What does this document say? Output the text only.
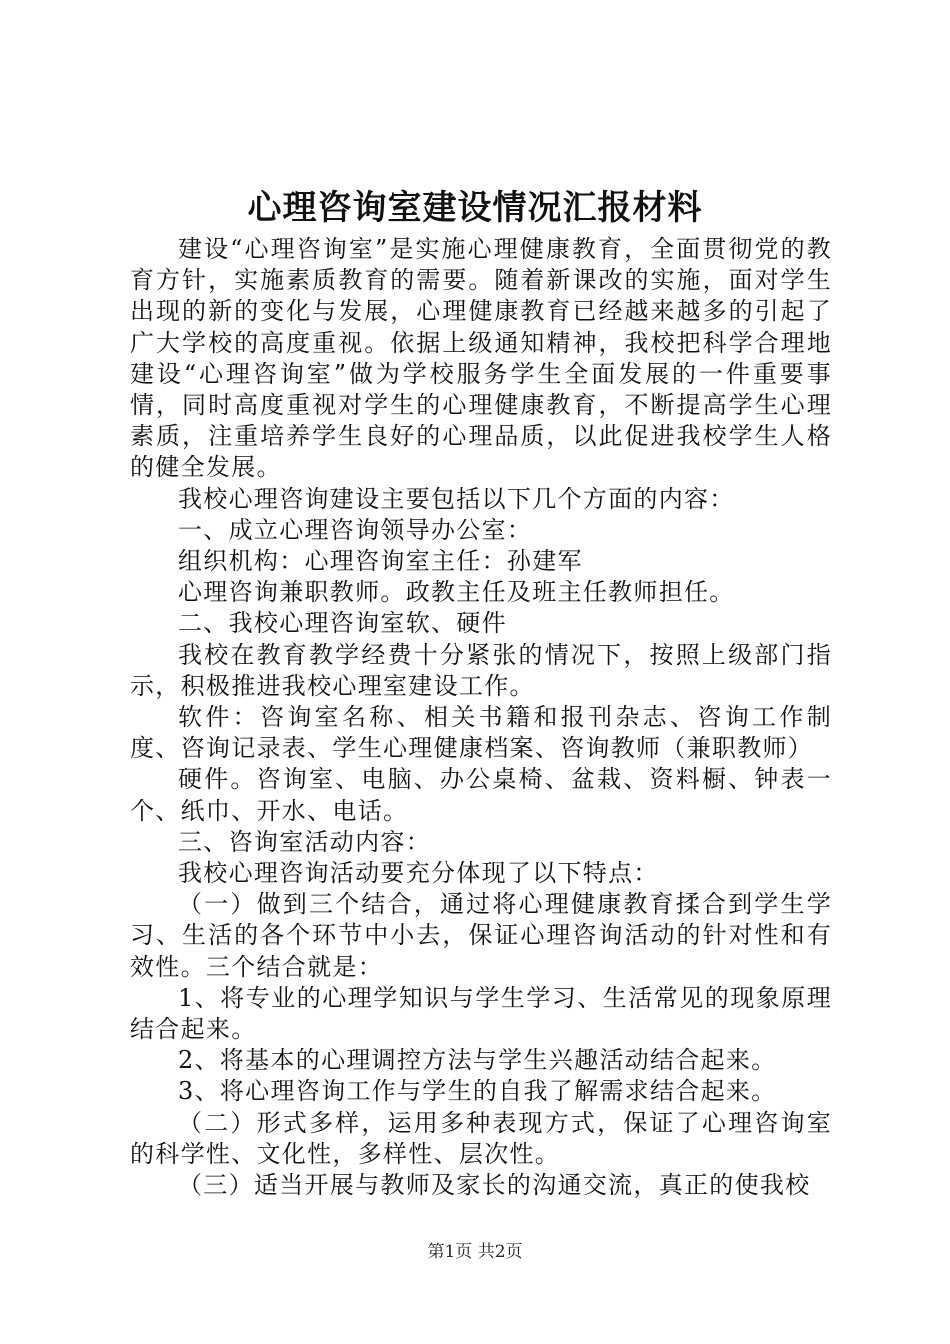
心理咨询室建设情况汇报材料

建设“心理咨询室”是实施心理健康教育，全面贯彻党的教育方针，实施素质教育的需要。随着新课改的实施，面对学生出现的新的变化与发展，心理健康教育已经越来越多的引起了广大学校的高度重视。依据上级通知精神，我校把科学合理地建设“心理咨询室”做为学校服务学生全面发展的一件重要事情，同时高度重视对学生的心理健康教育，不断提高学生心理素质，注重培养学生良好的心理品质，以此促进我校学生人格的健全发展。

我校心理咨询建设主要包括以下几个方面的内容：

一、成立心理咨询领导办公室：

组织机构：心理咨询室主任：孙建军

心理咨询兼职教师。政教主任及班主任教师担任。

二、我校心理咨询室软、硬件

我校在教育教学经费十分紧张的情况下，按照上级部门指示，积极推进我校心理室建设工作。

软件：咨询室名称、相关书籍和报刊杂志、咨询工作制度、咨询记录表、学生心理健康档案、咨询教师（兼职教师）

硬件。咨询室、电脑、办公桌椅、盆栽、资料橱、钟表一个、纸巾、开水、电话。

三、咨询室活动内容：

我校心理咨询活动要充分体现了以下特点：

（一）做到三个结合，通过将心理健康教育揉合到学生学习、生活的各个环节中小去，保证心理咨询活动的针对性和有效性。三个结合就是：

1、将专业的心理学知识与学生学习、生活常见的现象原理结合起来。

2、将基本的心理调控方法与学生兴趣活动结合起来。

3、将心理咨询工作与学生的自我了解需求结合起来。

（二）形式多样，运用多种表现方式，保证了心理咨询室的科学性、文化性，多样性、层次性。

（三）适当开展与教师及家长的沟通交流，真正的使我校

第1页 共2页
